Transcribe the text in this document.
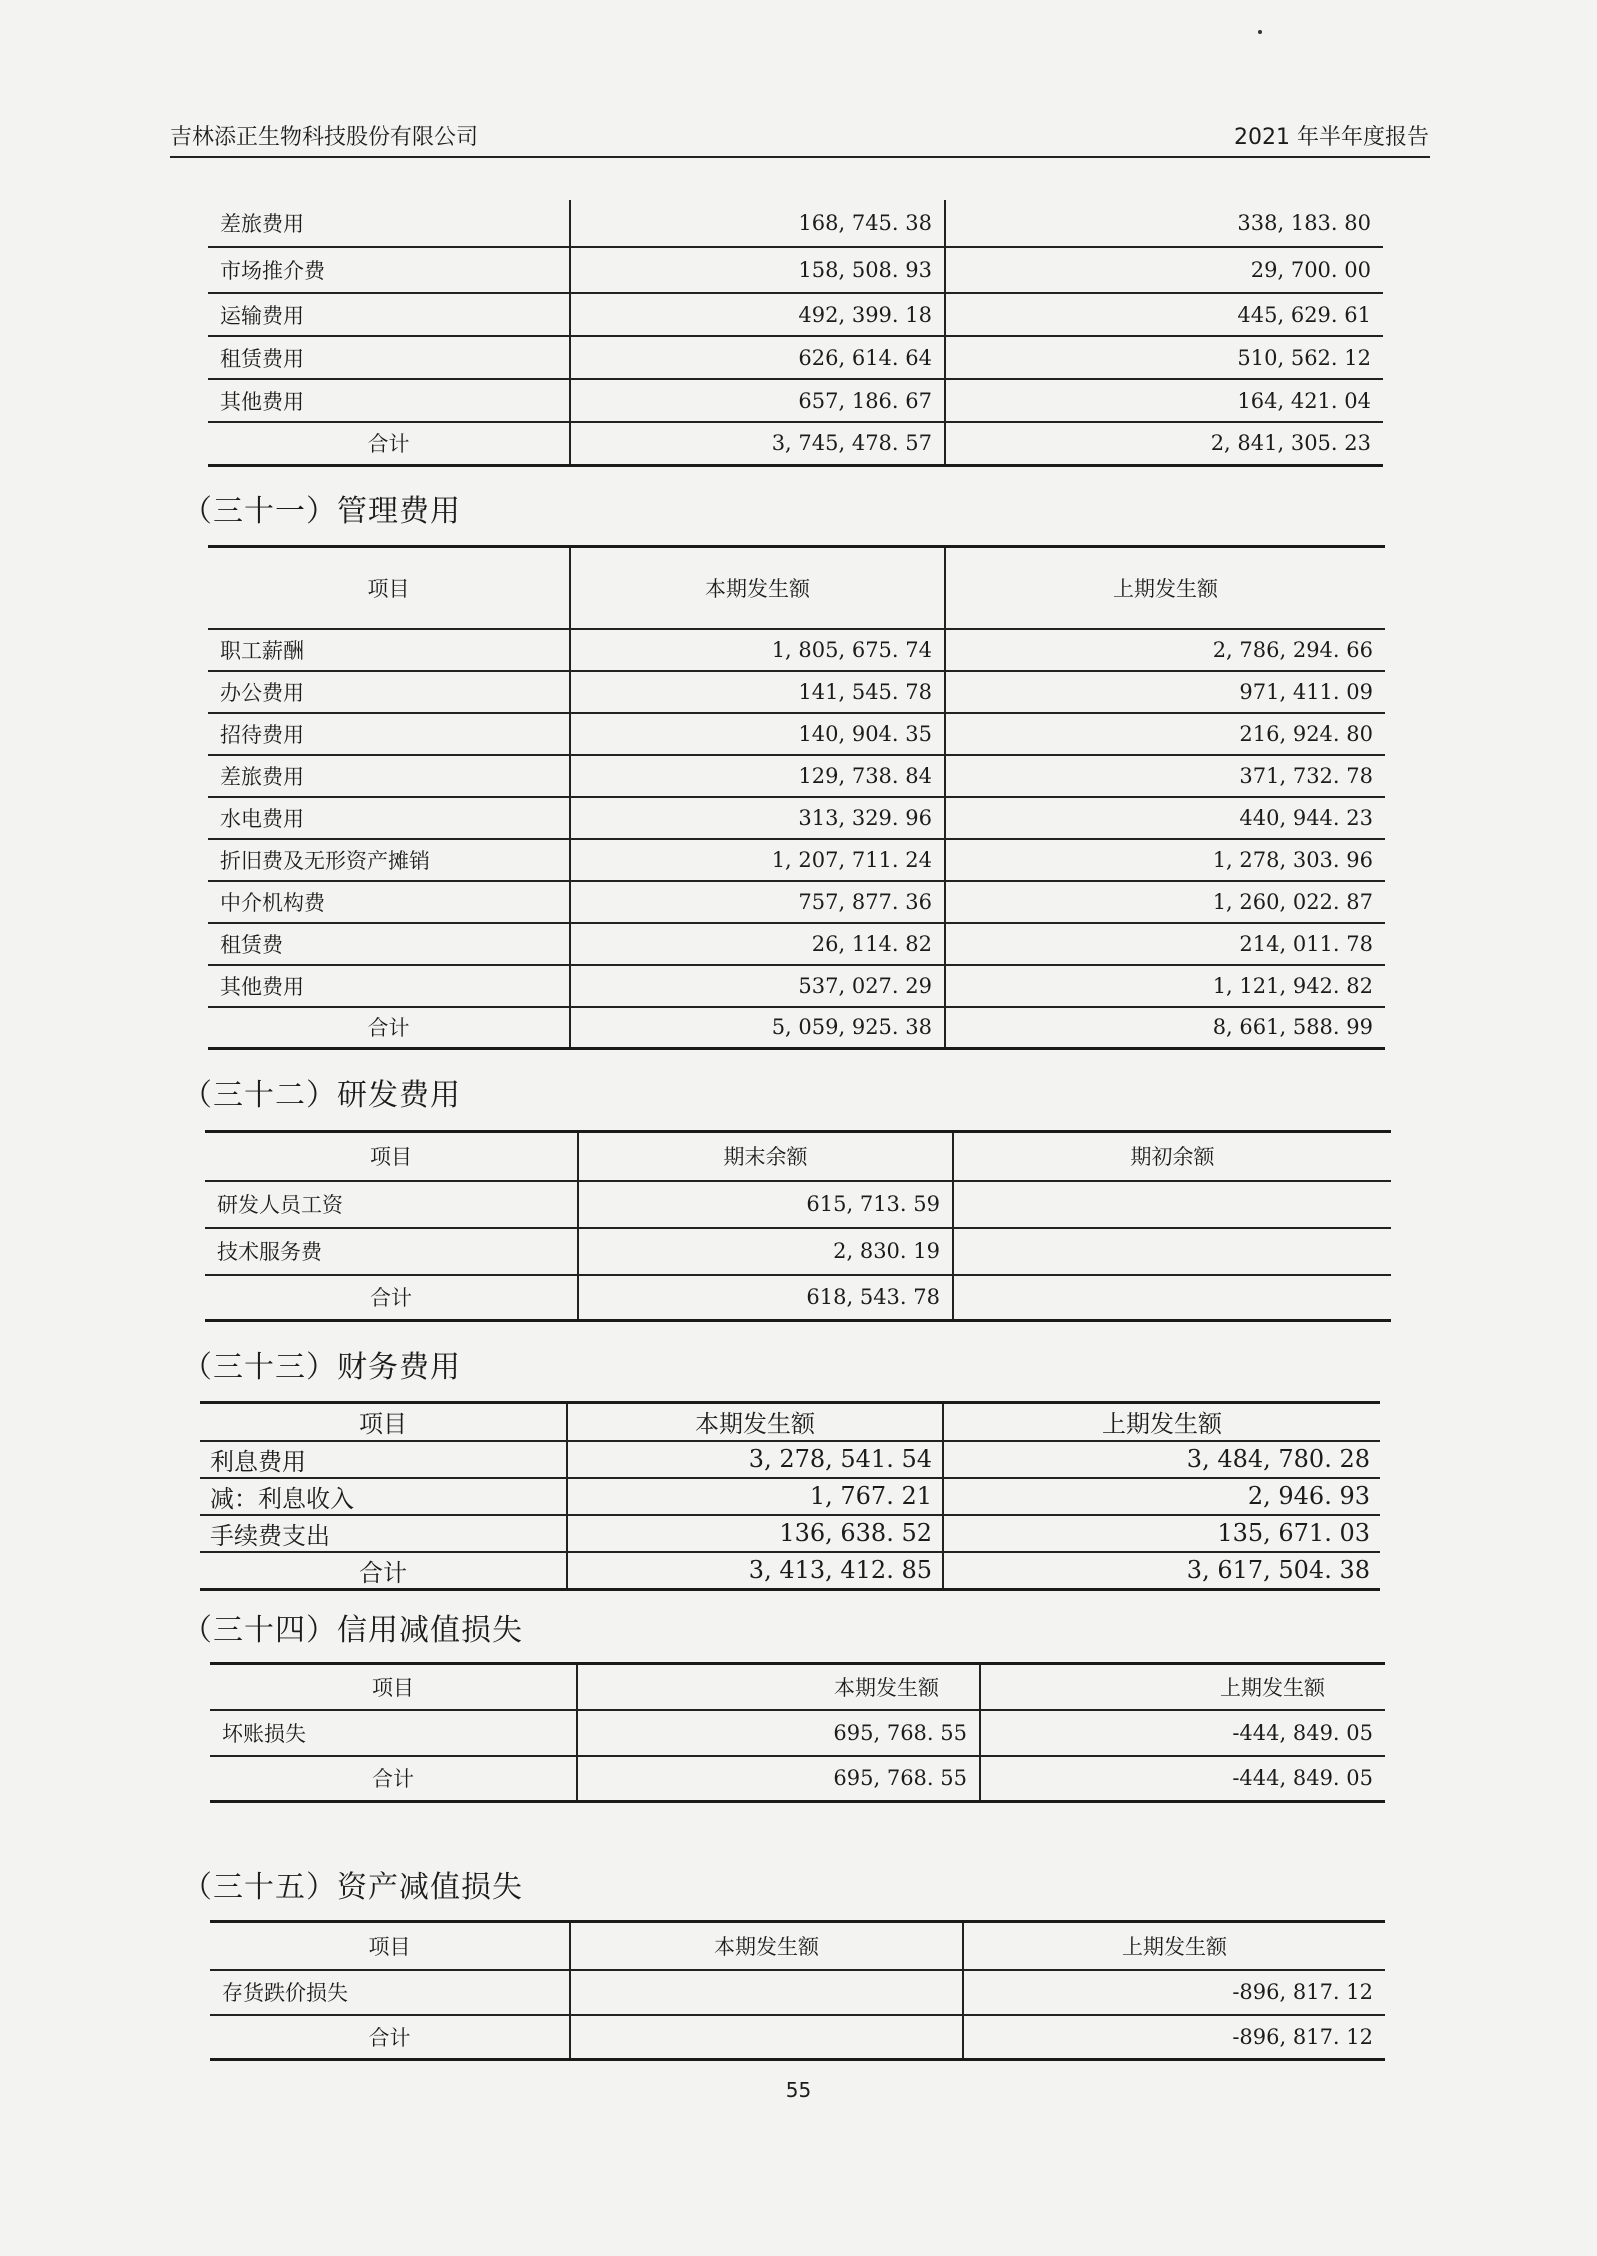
吉林添正生物科技股份有限公司	2021 年半年度报告
差旅费用	168, 745. 38	338, 183. 80
市场推介费	158, 508. 93	29, 700. 00
运输费用	492, 399. 18	445, 629. 61
租赁费用	626, 614. 64	510, 562. 12
其他费用	657, 186. 67	164, 421. 04
合计	3, 745, 478. 57	2, 841, 305. 23
（三十一）管理费用
项目	本期发生额	上期发生额
职工薪酬	1, 805, 675. 74	2, 786, 294. 66
办公费用	141, 545. 78	971, 411. 09
招待费用	140, 904. 35	216, 924. 80
差旅费用	129, 738. 84	371, 732. 78
水电费用	313, 329. 96	440, 944. 23
折旧费及无形资产摊销	1, 207, 711. 24	1, 278, 303. 96
中介机构费	757, 877. 36	1, 260, 022. 87
租赁费	26, 114. 82	214, 011. 78
其他费用	537, 027. 29	1, 121, 942. 82
合计	5, 059, 925. 38	8, 661, 588. 99
（三十二）研发费用
项目	期末余额	期初余额
研发人员工资	615, 713. 59	
技术服务费	2, 830. 19	
合计	618, 543. 78	
（三十三）财务费用
项目	本期发生额	上期发生额
利息费用	3, 278, 541. 54	3, 484, 780. 28
减：利息收入	1, 767. 21	2, 946. 93
手续费支出	136, 638. 52	135, 671. 03
合计	3, 413, 412. 85	3, 617, 504. 38
（三十四）信用减值损失
项目	本期发生额	上期发生额
坏账损失	695, 768. 55	-444, 849. 05
合计	695, 768. 55	-444, 849. 05
（三十五）资产减值损失
项目	本期发生额	上期发生额
存货跌价损失		-896, 817. 12
合计		-896, 817. 12
55
